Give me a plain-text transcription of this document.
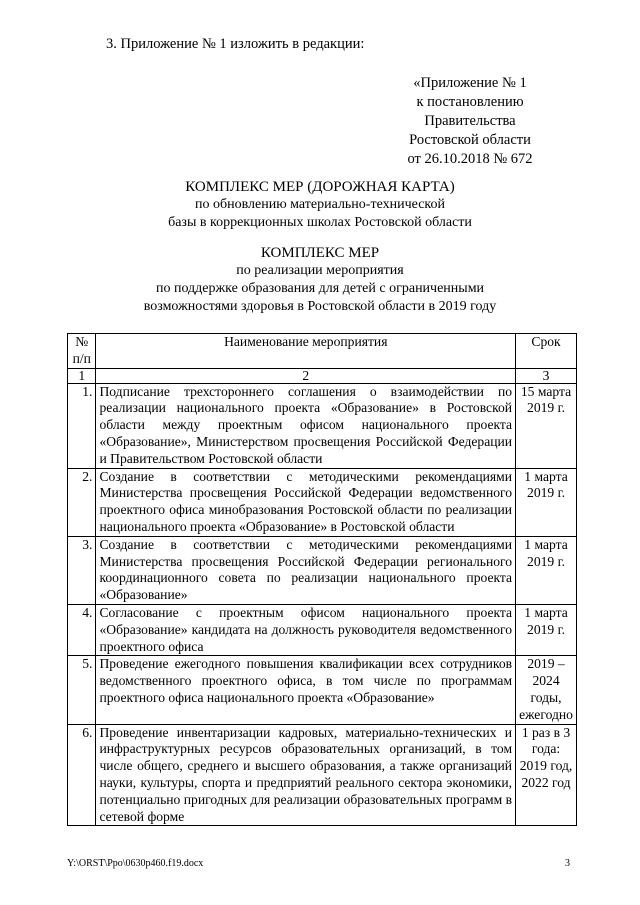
3. Приложение № 1 изложить в редакции:
«Приложение № 1
к постановлению
Правительства
Ростовской области
от 26.10.2018 № 672
КОМПЛЕКС МЕР (ДОРОЖНАЯ КАРТА)
по обновлению материально-технической
базы в коррекционных школах Ростовской области
КОМПЛЕКС МЕР
по реализации мероприятия
по поддержке образования для детей с ограниченными
возможностями здоровья в Ростовской области в 2019 году
№
п/п	Наименование мероприятия	Срок
1	2	3
1.	Подписание трехстороннего соглашения о взаимодействии по реализации национального проекта «Образование» в Ростовской области между проектным офисом национального проекта «Образование», Министерством просвещения Российской Федерации и Правительством Ростовской области	15 марта 2019 г.
2.	Создание в соответствии с методическими рекомендациями Министерства просвещения Российской Федерации ведомственного проектного офиса минобразования Ростовской области по реализации национального проекта «Образование» в Ростовской области	1 марта 2019 г.
3.	Создание в соответствии с методическими рекомендациями Министерства просвещения Российской Федерации регионального координационного совета по реализации национального проекта «Образование»	1 марта 2019 г.
4.	Согласование с проектным офисом национального проекта «Образование» кандидата на должность руководителя ведомственного проектного офиса	1 марта 2019 г.
5.	Проведение ежегодного повышения квалификации всех сотрудников ведомственного проектного офиса, в том числе по программам проектного офиса национального проекта «Образование»	2019 – 2024 годы, ежегодно
6.	Проведение инвентаризации кадровых, материально-технических и инфраструктурных ресурсов образовательных организаций, в том числе общего, среднего и высшего образования, а также организаций науки, культуры, спорта и предприятий реального сектора экономики, потенциально пригодных для реализации образовательных программ в сетевой форме	1 раз в 3 года: 2019 год, 2022 год
Y:\ORST\Ppo\0630p460.f19.docx	3
